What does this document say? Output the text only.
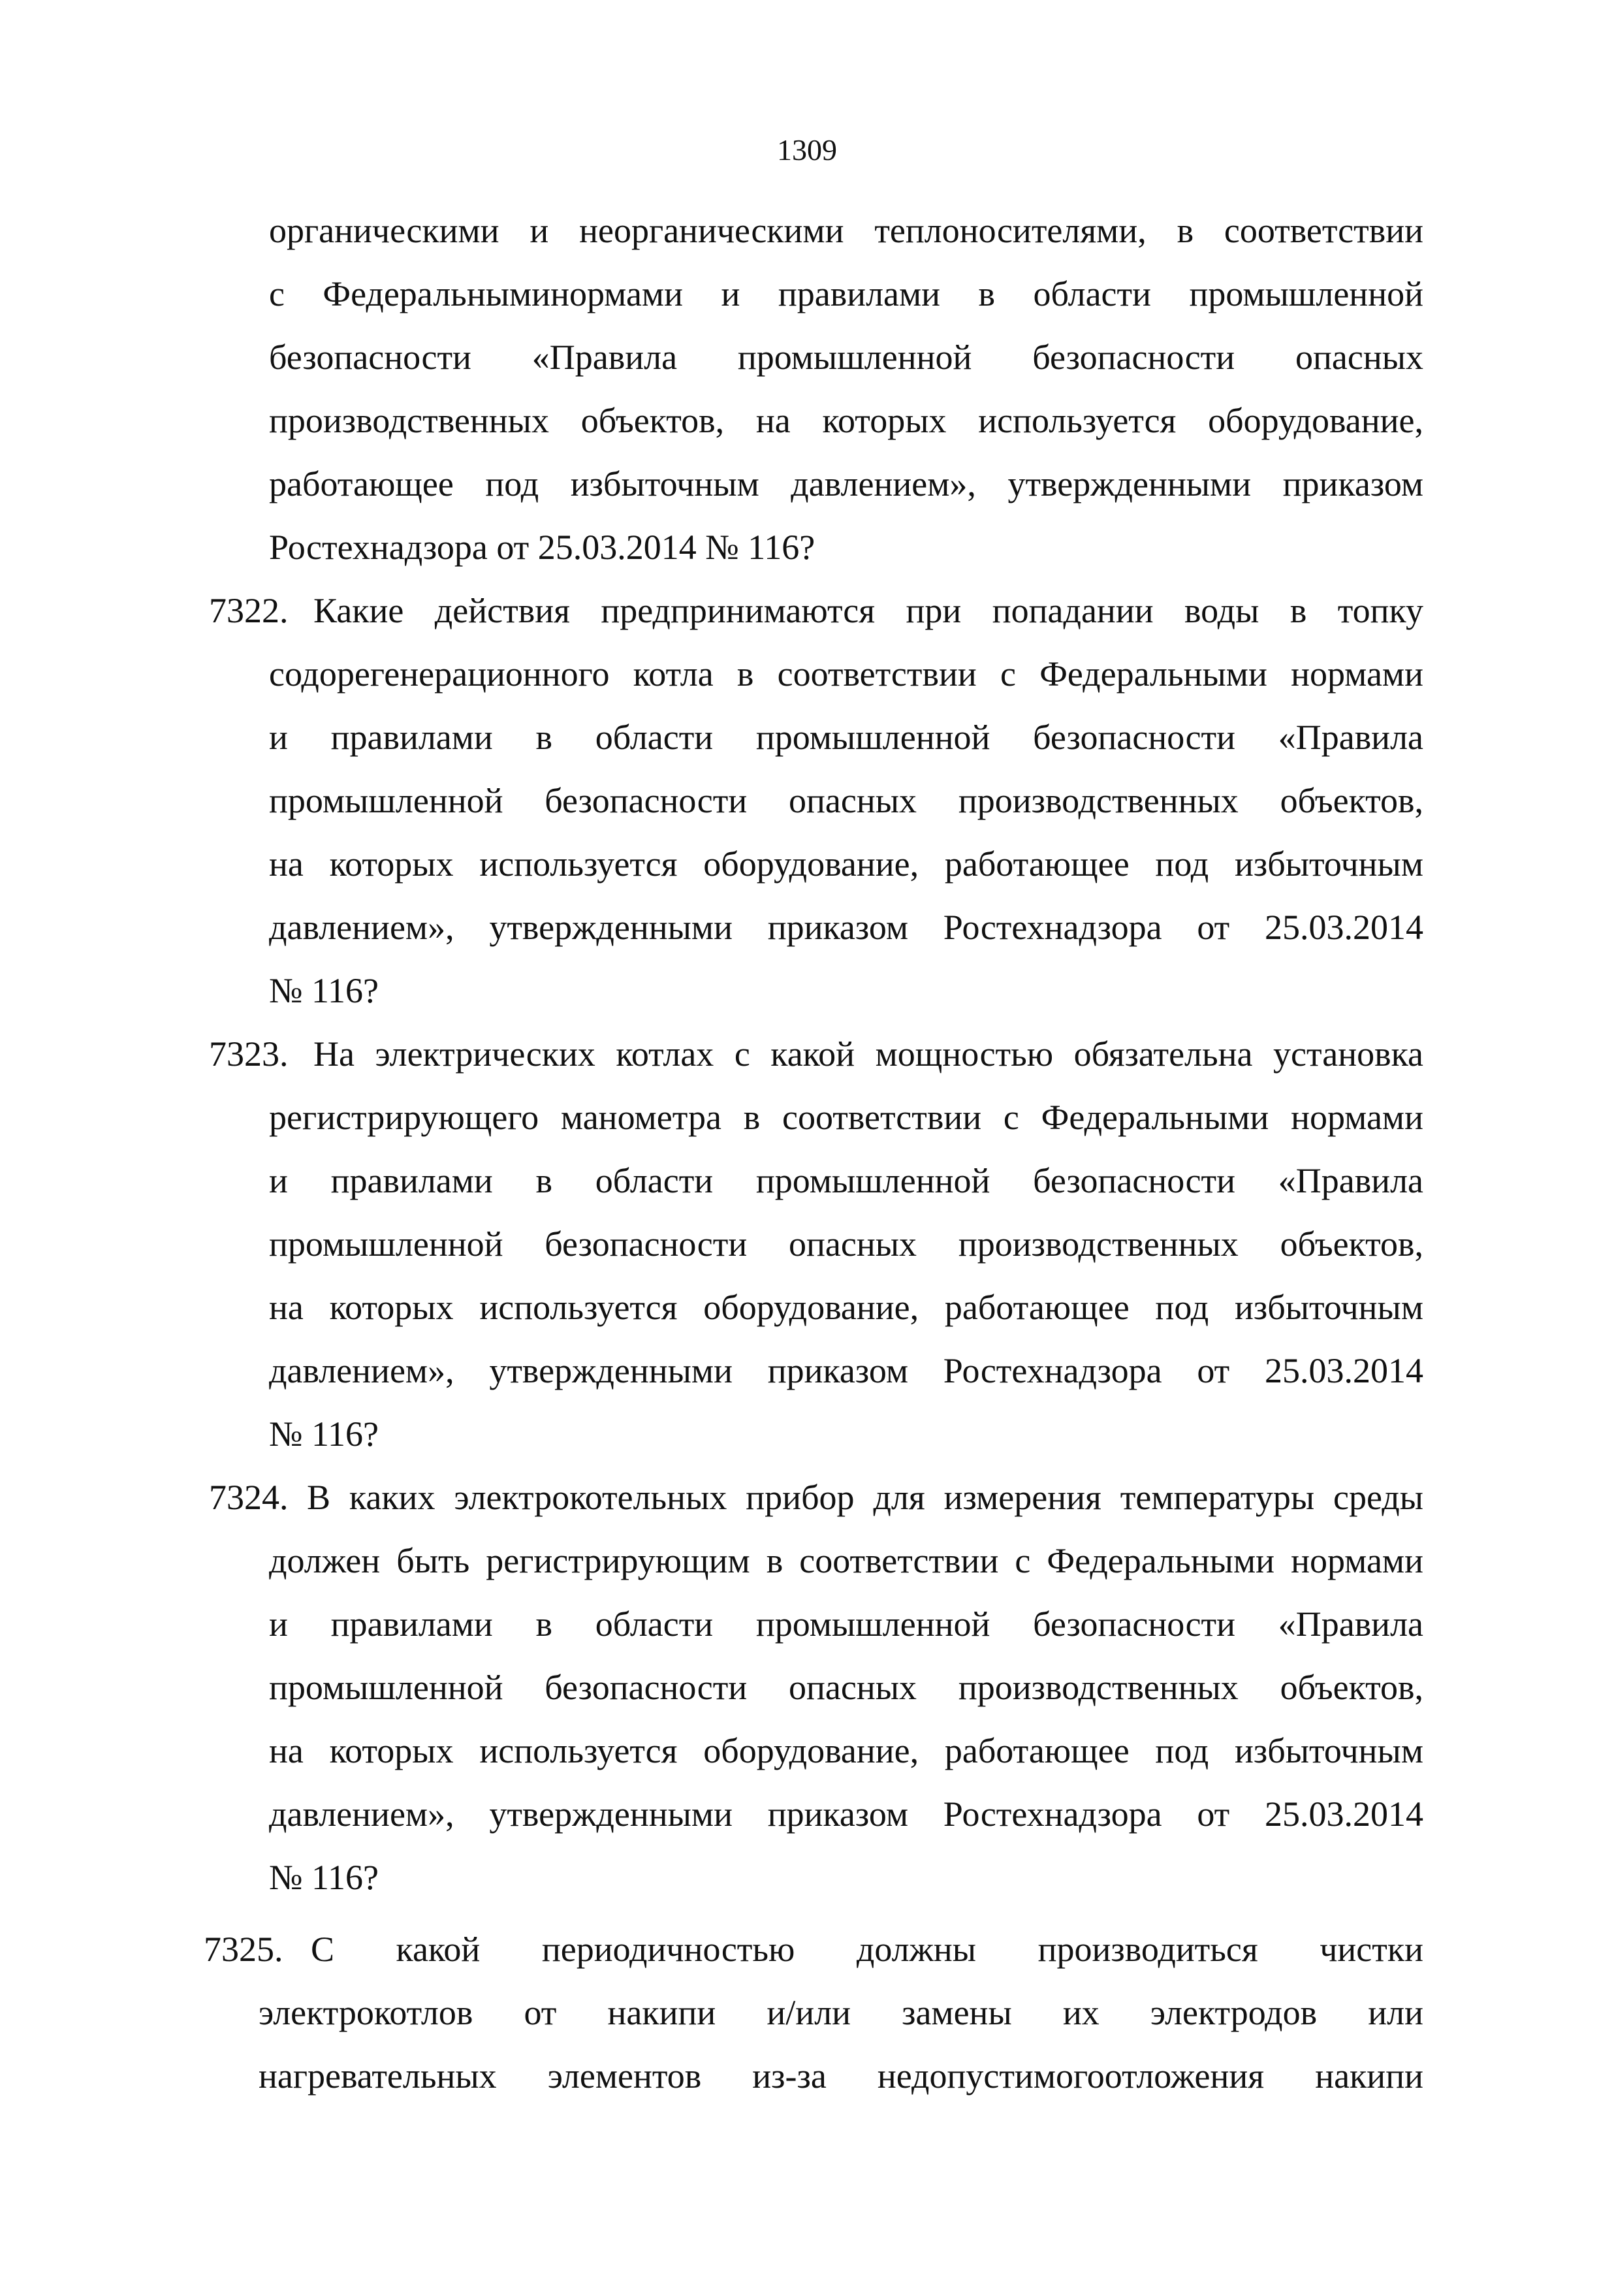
1309
органическими и неорганическими теплоносителями, в соответствии
с Федеральныминормами и правилами в области промышленной
безопасности «Правила промышленной безопасности опасных
производственных объектов, на которых используется оборудование,
работающее под избыточным давлением», утвержденными приказом
Ростехнадзора от 25.03.2014 № 116?
7322. Какие действия предпринимаются при попадании воды в топку
содорегенерационного котла в соответствии с Федеральными нормами
и правилами в области промышленной безопасности «Правила
промышленной безопасности опасных производственных объектов,
на которых используется оборудование, работающее под избыточным
давлением», утвержденными приказом Ростехнадзора от 25.03.2014
№ 116?
7323. На электрических котлах с какой мощностью обязательна установка
регистрирующего манометра в соответствии с Федеральными нормами
и правилами в области промышленной безопасности «Правила
промышленной безопасности опасных производственных объектов,
на которых используется оборудование, работающее под избыточным
давлением», утвержденными приказом Ростехнадзора от 25.03.2014
№ 116?
7324. В каких электрокотельных прибор для измерения температуры среды
должен быть регистрирующим в соответствии с Федеральными нормами
и правилами в области промышленной безопасности «Правила
промышленной безопасности опасных производственных объектов,
на которых используется оборудование, работающее под избыточным
давлением», утвержденными приказом Ростехнадзора от 25.03.2014
№ 116?
7325. С какой периодичностью должны производиться чистки
электрокотлов от накипи и/или замены их электродов или
нагревательных элементов из-за недопустимогоотложения накипи
